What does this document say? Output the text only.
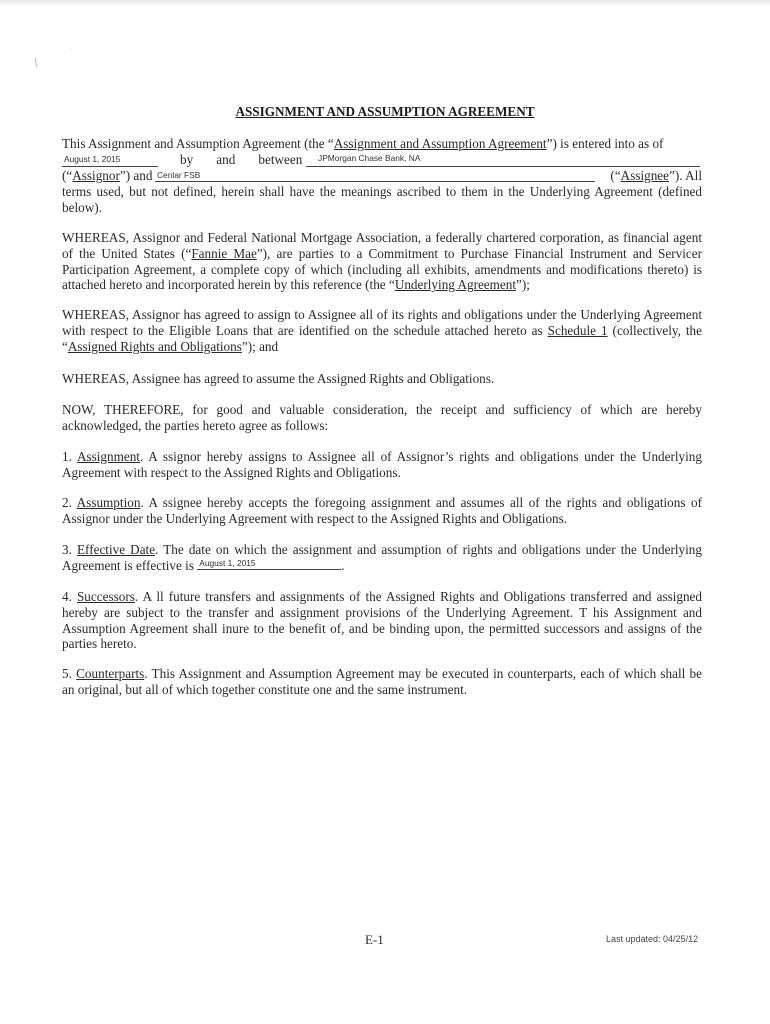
/
˙
ASSIGNMENT AND ASSUMPTION AGREEMENT
This Assignment and Assumption Agreement (the “Assignment and Assumption Agreement”) is entered into as of
August 1, 2015	by and between JPMorgan Chase Bank, NA
(“Assignor”) and	(“Assignee”). All
Cenlar FSB

terms used, but not defined, herein shall have the meanings ascribed to them in the Underlying Agreement (defined below).

WHEREAS, Assignor and Federal National Mortgage Association, a federally chartered corporation, as financial agent of the United States (“Fannie Mae”), are parties to a Commitment to Purchase Financial Instrument and Servicer Participation Agreement, a complete copy of which (including all exhibits, amendments and modifications thereto) is attached hereto and incorporated herein by this reference (the “Underlying Agreement”);

WHEREAS, Assignor has agreed to assign to Assignee all of its rights and obligations under the Underlying Agreement with respect to the Eligible Loans that are identified on the schedule attached hereto as Schedule 1 (collectively, the “Assigned Rights and Obligations”); and

WHEREAS, Assignee has agreed to assume the Assigned Rights and Obligations.

NOW, THEREFORE, for good and valuable consideration, the receipt and sufficiency of which are hereby acknowledged, the parties hereto agree as follows:

1. Assignment. A ssignor hereby assigns to Assignee all of Assignor’s rights and obligations under the Underlying Agreement with respect to the Assigned Rights and Obligations.

2. Assumption. A ssignee hereby accepts the foregoing assignment and assumes all of the rights and obligations of Assignor under the Underlying Agreement with respect to the Assigned Rights and Obligations.

3. Effective Date. The date on which the assignment and assumption of rights and obligations under the Underlying Agreement is effective is August 1, 2015	.

4. Successors. A ll future transfers and assignments of the Assigned Rights and Obligations transferred and assigned hereby are subject to the transfer and assignment provisions of the Underlying Agreement. T his Assignment and Assumption Agreement shall inure to the benefit of, and be binding upon, the permitted successors and assigns of the parties hereto.

5. Counterparts. This Assignment and Assumption Agreement may be executed in counterparts, each of which shall be an original, but all of which together constitute one and the same instrument.

E-1	Last updated: 04/25/12
